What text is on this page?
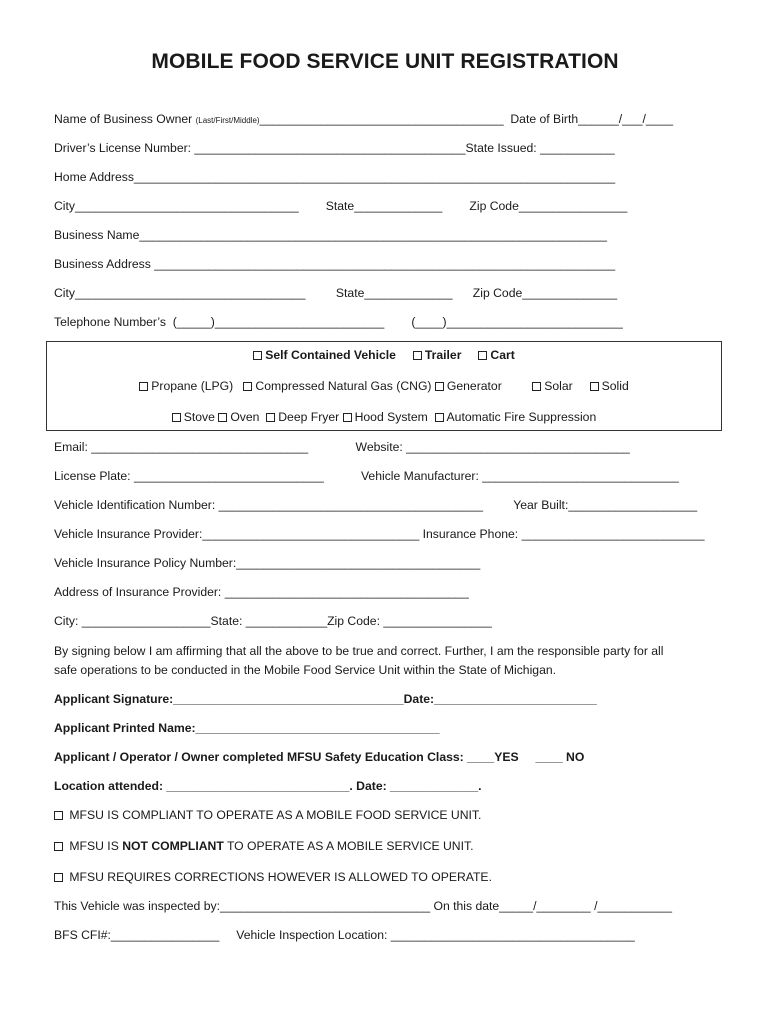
MOBILE FOOD SERVICE UNIT REGISTRATION
Name of Business Owner (Last/First/Middle)____________________________________  Date of Birth______/___/____
Driver’s License Number: ________________________________________State Issued: ___________
Home Address_______________________________________________________________________
City_________________________________        State_____________        Zip Code________________
Business Name_____________________________________________________________________
Business Address ____________________________________________________________________
City__________________________________         State_____________      Zip Code______________
Telephone Number’s  (_____)_________________________        (____)__________________________
Self Contained Vehicle Trailer Cart
Propane (LPG) Compressed Natural Gas (CNG) Generator	Solar Solid
Stove Oven Deep Fryer Hood System Automatic Fire Suppression
Email: ________________________________              Website: _________________________________
License Plate: ____________________________           Vehicle Manufacturer: _____________________________
Vehicle Identification Number: _______________________________________         Year Built:___________________
Vehicle Insurance Provider:________________________________ Insurance Phone: ___________________________
Vehicle Insurance Policy Number:____________________________________
Address of Insurance Provider: ____________________________________
City: ___________________State: ____________Zip Code: ________________
By signing below I am affirming that all the above to be true and correct. Further, I am the responsible party for all
safe operations to be conducted in the Mobile Food Service Unit within the State of Michigan.
Applicant Signature:__________________________________Date:________________________
Applicant Printed Name:____________________________________
Applicant / Operator / Owner completed MFSU Safety Education Class: ____YES     ____ NO
Location attended: ___________________________. Date: _____________.
MFSU IS COMPLIANT TO OPERATE AS A MOBILE FOOD SERVICE UNIT.
MFSU IS NOT COMPLIANT TO OPERATE AS A MOBILE SERVICE UNIT.
MFSU REQUIRES CORRECTIONS HOWEVER IS ALLOWED TO OPERATE.
This Vehicle was inspected by:_______________________________ On this date_____/________ /___________
BFS CFI#:________________     Vehicle Inspection Location: ____________________________________
